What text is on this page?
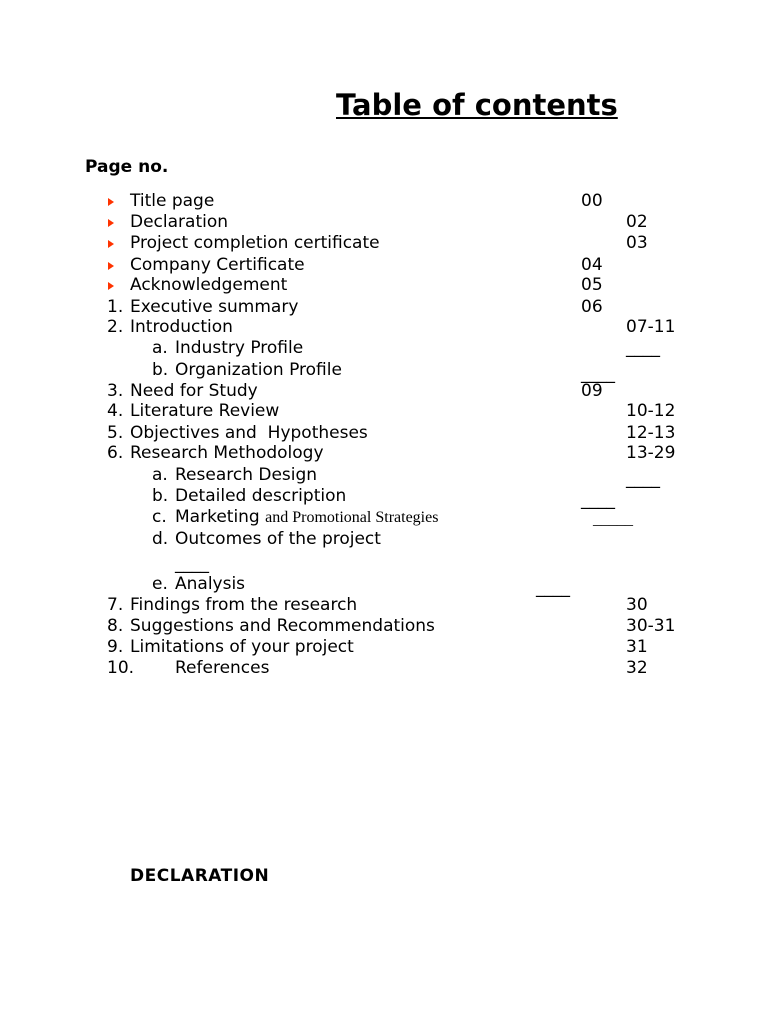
Table of contents
Page no.
Title page	00
Declaration	02
Project completion certificate	03
Company Certificate	04
Acknowledgement	05
1. Executive summary	06
2. Introduction	07-11
a. Industry Profile	____
b. Organization Profile	____
3. Need for Study	09
4. Literature Review	10-12
5. Objectives and  Hypotheses	12-13
6. Research Methodology	13-29
a. Research Design	____
b. Detailed description	____
c. Marketing and Promotional Strategies	_____
d. Outcomes of the project
____
e. Analysis	____
7. Findings from the research	30
8. Suggestions and Recommendations	30-31
9. Limitations of your project	31
10. References	32
DECLARATION
